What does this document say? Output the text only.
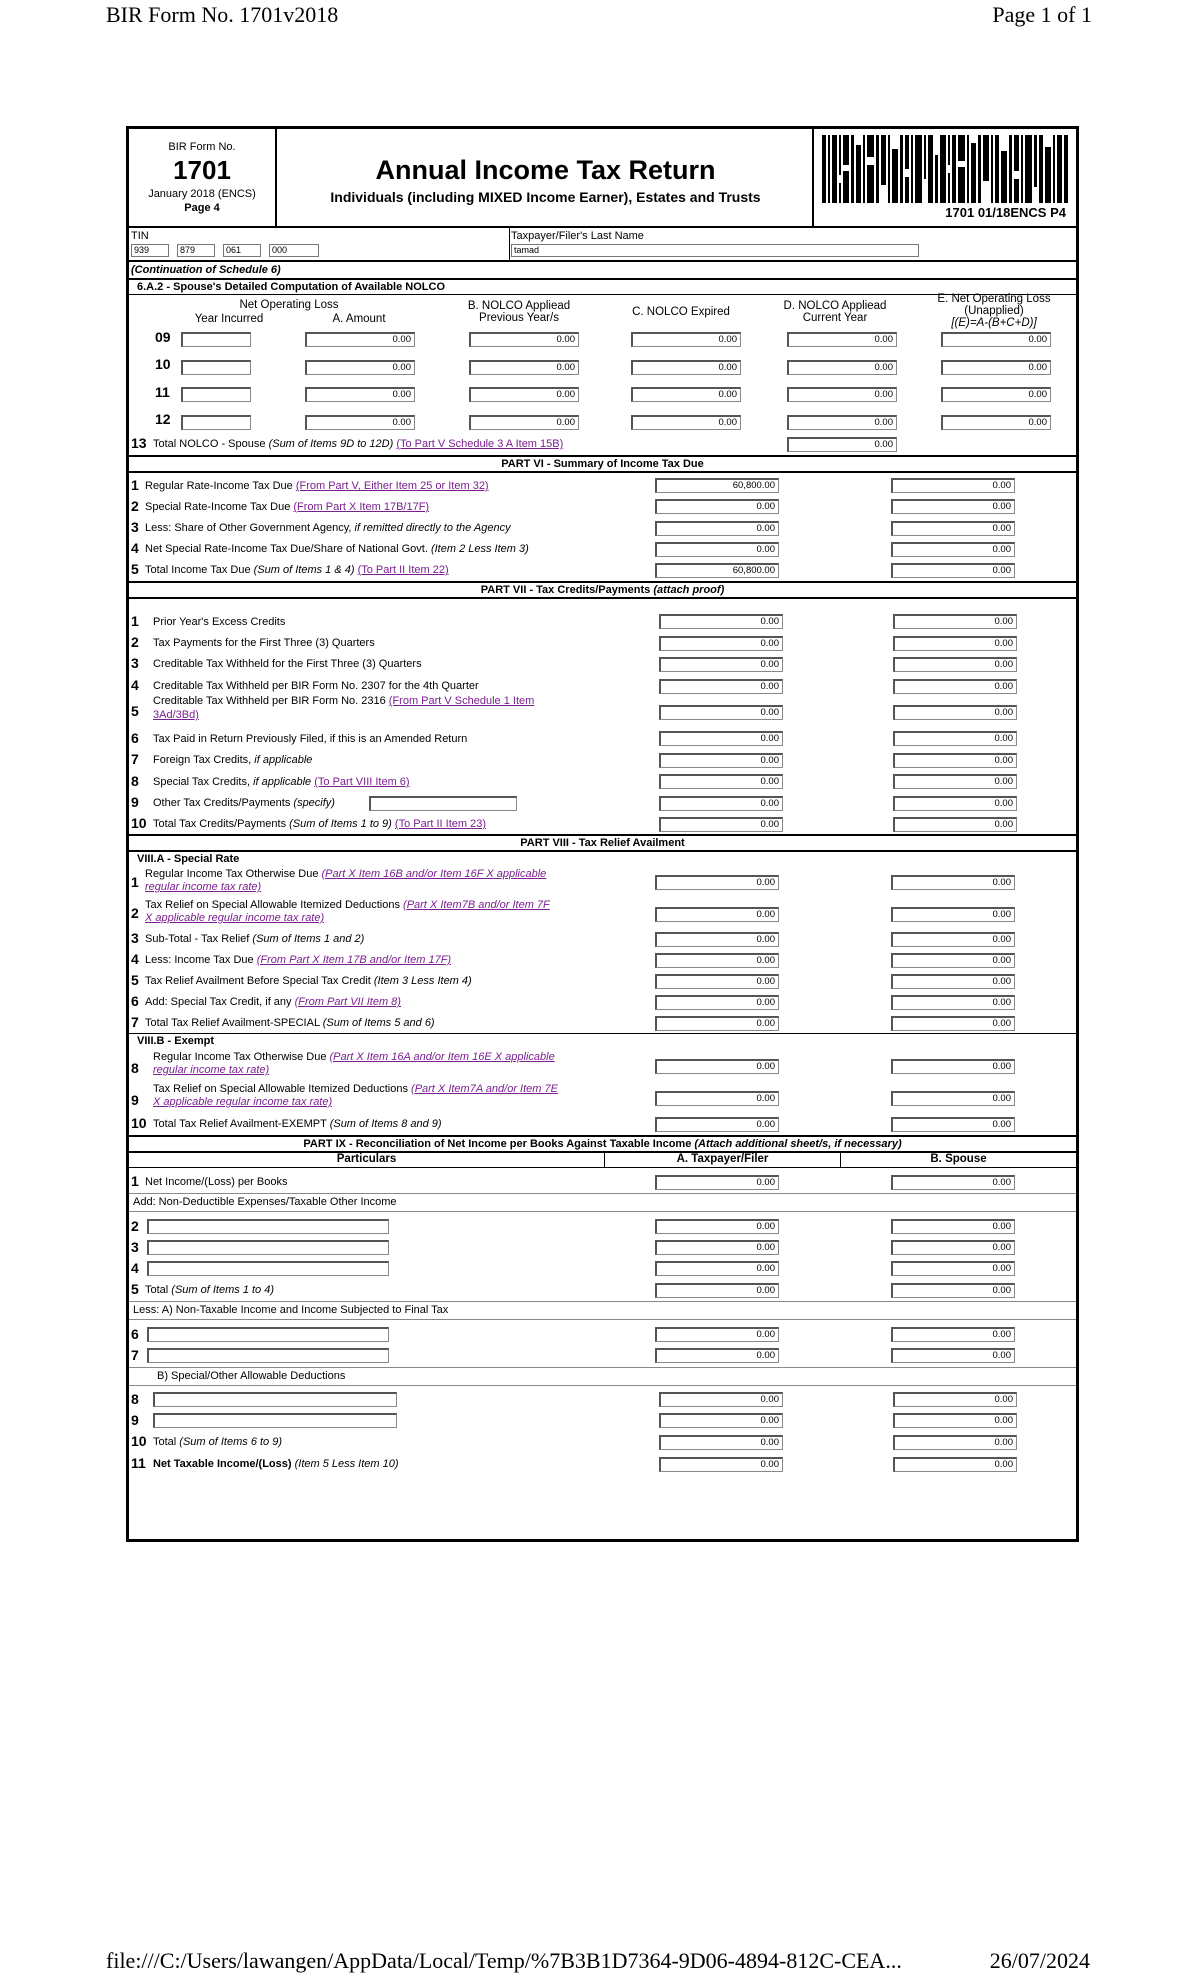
BIR Form No. 1701v2018	Page 1 of 1
BIR Form No.
1701
January 2018 (ENCS)
Page 4
Annual Income Tax Return
Individuals (including MIXED Income Earner), Estates and Trusts
1701 01/18ENCS P4
TIN
939	879	061	000
Taxpayer/Filer's Last Name
tamad
(Continuation of Schedule 6)
6.A.2 - Spouse's Detailed Computation of Available NOLCO
Net Operating Loss
Year Incurred	A. Amount
B. NOLCO Appliead
Previous Year/s	C. NOLCO Expired	D. NOLCO Appliead
Current Year
E. Net Operating Loss
(Unapplied)
[(E)=A-(B+C+D)]
09	0.00	0.00	0.00	0.00	0.00
10	0.00	0.00	0.00	0.00	0.00
11	0.00	0.00	0.00	0.00	0.00
12	0.00	0.00	0.00	0.00	0.00
13 Total NOLCO - Spouse (Sum of Items 9D to 12D) (To Part V Schedule 3 A Item 15B)	0.00
PART VI - Summary of Income Tax Due
1 Regular Rate-Income Tax Due (From Part V, Either Item 25 or Item 32)	60,800.00	0.00
2 Special Rate-Income Tax Due (From Part X Item 17B/17F)	0.00	0.00
3 Less: Share of Other Government Agency, if remitted directly to the Agency	0.00	0.00
4 Net Special Rate-Income Tax Due/Share of National Govt. (Item 2 Less Item 3)	0.00	0.00
5 Total Income Tax Due (Sum of Items 1 & 4) (To Part II Item 22)	60,800.00	0.00
PART VII - Tax Credits/Payments (attach proof)
1 Prior Year's Excess Credits	0.00	0.00
2 Tax Payments for the First Three (3) Quarters	0.00	0.00
3 Creditable Tax Withheld for the First Three (3) Quarters	0.00	0.00
4 Creditable Tax Withheld per BIR Form No. 2307 for the 4th Quarter	0.00	0.00
5
Creditable Tax Withheld per BIR Form No. 2316 (From Part V Schedule 1 Item
3Ad/3Bd)	0.00	0.00
6 Tax Paid in Return Previously Filed, if this is an Amended Return	0.00	0.00
7 Foreign Tax Credits, if applicable	0.00	0.00
8 Special Tax Credits, if applicable (To Part VIII Item 6)	0.00	0.00
9 Other Tax Credits/Payments (specify)	0.00	0.00
10 Total Tax Credits/Payments (Sum of Items 1 to 9) (To Part II Item 23)	0.00	0.00
PART VIII - Tax Relief Availment
VIII.A - Special Rate
1 Regular Income Tax Otherwise Due (Part X Item 16B and/or Item 16F X applicable
regular income tax rate)	0.00	0.00
2 Tax Relief on Special Allowable Itemized Deductions (Part X Item7B and/or Item 7F
X applicable regular income tax rate)	0.00	0.00
3 Sub-Total - Tax Relief (Sum of Items 1 and 2)	0.00	0.00
4 Less: Income Tax Due (From Part X Item 17B and/or Item 17F)	0.00	0.00
5 Tax Relief Availment Before Special Tax Credit (Item 3 Less Item 4)	0.00	0.00
6 Add: Special Tax Credit, if any (From Part VII Item 8)	0.00	0.00
7 Total Tax Relief Availment-SPECIAL (Sum of Items 5 and 6)	0.00	0.00
VIII.B - Exempt
8
Regular Income Tax Otherwise Due (Part X Item 16A and/or Item 16E X applicable
regular income tax rate)	0.00	0.00
9
Tax Relief on Special Allowable Itemized Deductions (Part X Item7A and/or Item 7E
X applicable regular income tax rate)	0.00	0.00
10 Total Tax Relief Availment-EXEMPT (Sum of Items 8 and 9)	0.00	0.00
PART IX - Reconciliation of Net Income per Books Against Taxable Income (Attach additional sheet/s, if necessary)
Particulars	A. Taxpayer/Filer	B. Spouse
1 Net Income/(Loss) per Books	0.00	0.00
Add: Non-Deductible Expenses/Taxable Other Income
2	0.00	0.00
3	0.00	0.00
4	0.00	0.00
5 Total (Sum of Items 1 to 4)	0.00	0.00
Less: A) Non-Taxable Income and Income Subjected to Final Tax
6	0.00	0.00
7	0.00	0.00
B) Special/Other Allowable Deductions
8	0.00	0.00
9	0.00	0.00
10 Total (Sum of Items 6 to 9)	0.00	0.00
11 Net Taxable Income/(Loss) (Item 5 Less Item 10)	0.00	0.00
file:///C:/Users/lawangen/AppData/Local/Temp/%7B3B1D7364-9D06-4894-812C-CEA...	26/07/2024
